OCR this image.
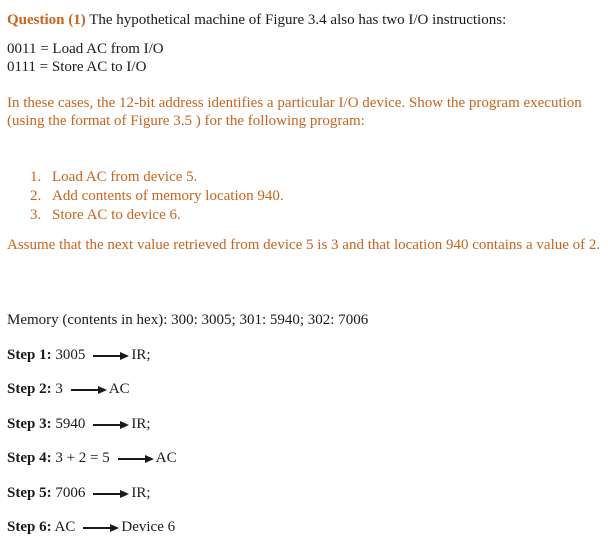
Question (1) The hypothetical machine of Figure 3.4 also has two I/O instructions:
0011 = Load AC from I/O
0111 = Store AC to I/O
In these cases, the 12-bit address identifies a particular I/O device. Show the program execution (using the format of Figure 3.5 ) for the following program:
1. Load AC from device 5.
2. Add contents of memory location 940.
3. Store AC to device 6.
Assume that the next value retrieved from device 5 is 3 and that location 940 contains a value of 2.
Memory (contents in hex): 300: 3005; 301: 5940; 302: 7006
Step 1: 3005	IR;
Step 2: 3	AC
Step 3: 5940	IR;
Step 4: 3 + 2 = 5	AC
Step 5: 7006	IR;
Step 6: AC	Device 6
